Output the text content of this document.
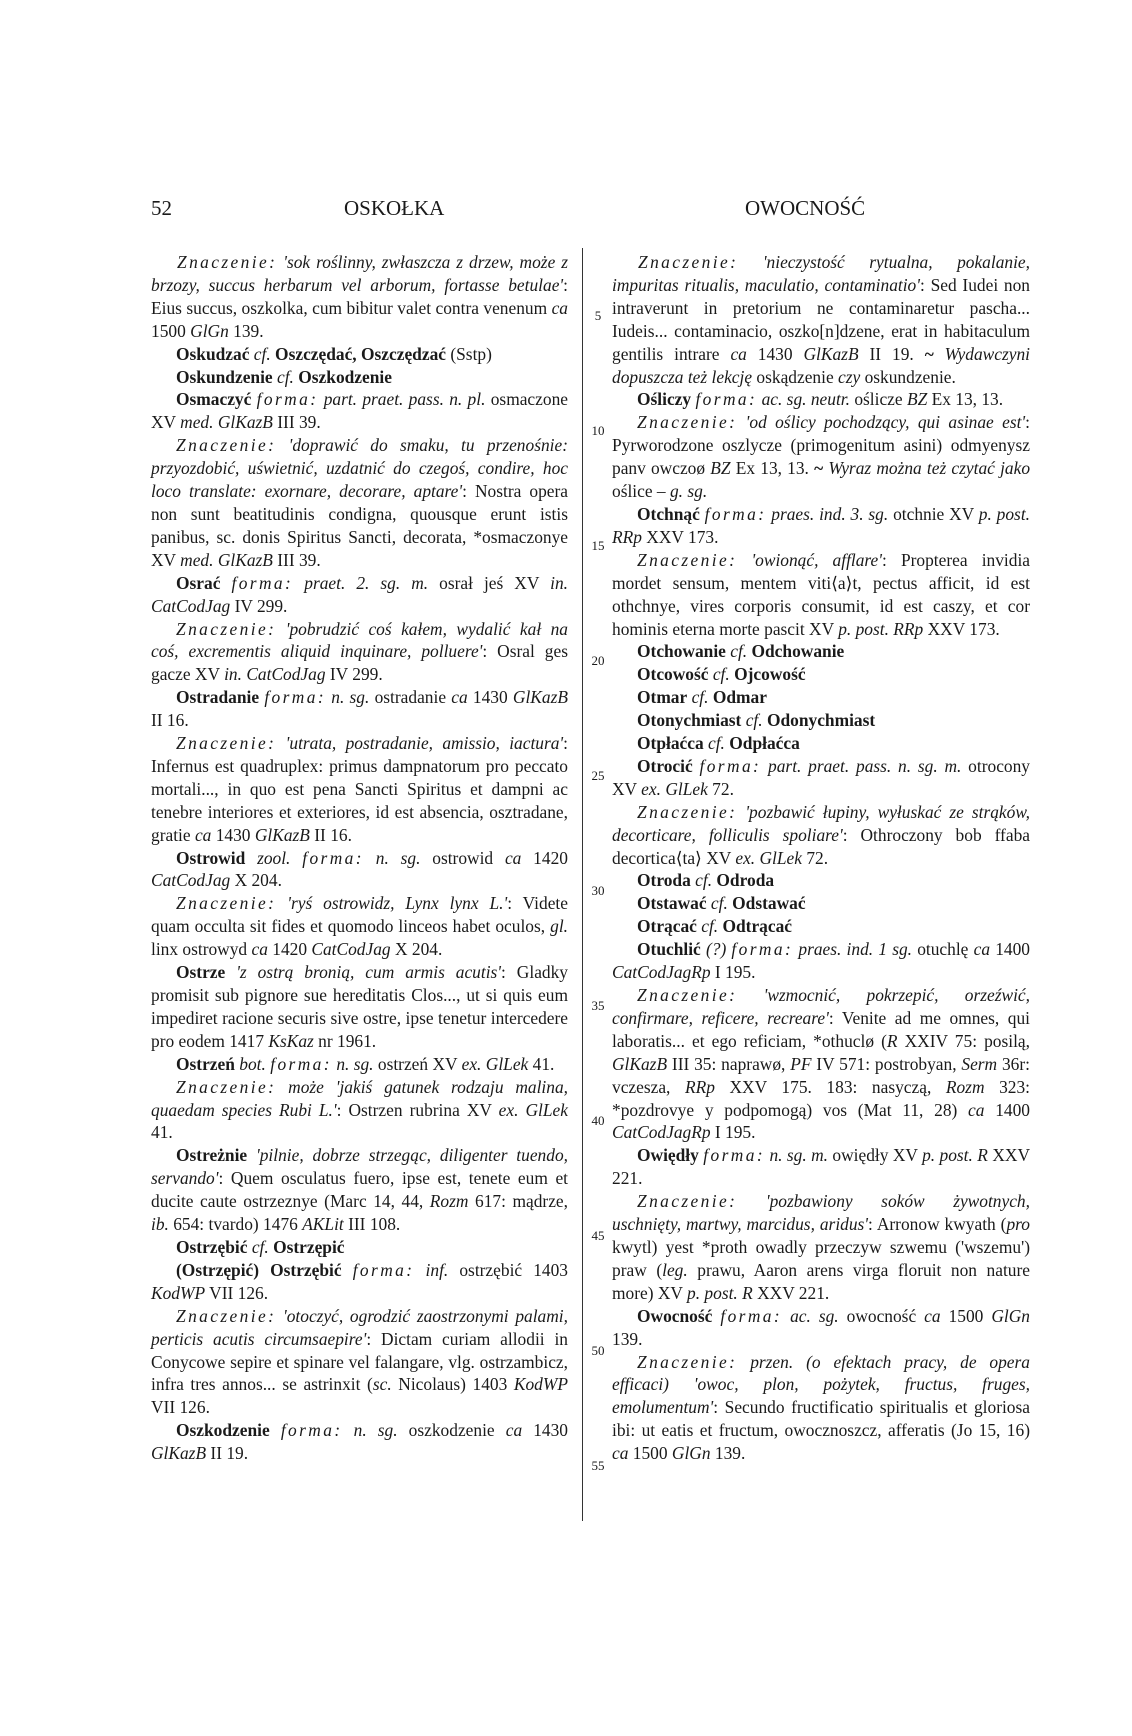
52	OSKOŁKA	OWOCNOŚĆ
5
10
15
20
25
30
35
40
45
50
55

Znaczenie: 'sok roślinny, zwłaszcza z drzew, może z brzozy, succus herbarum vel arborum, fortasse betulae': Eius succus, oszkolka, cum bibitur valet contra venenum ca 1500 GlGn 139.

Oskudzać cf. Oszczędać, Oszczędzać (Sstp)

Oskundzenie cf. Oszkodzenie

Osmaczyć forma: part. praet. pass. n. pl. osmaczone XV med. GlKazB III 39.

Znaczenie: 'doprawić do smaku, tu przenośnie: przyozdobić, uświetnić, uzdatnić do czegoś, condire, hoc loco translate: exornare, decorare, aptare': Nostra opera non sunt beatitudinis condigna, quousque erunt istis panibus, sc. donis Spiritus Sancti, decorata, *osmaczonye XV med. GlKazB III 39.

Osrać forma: praet. 2. sg. m. osrał jeś XV in. CatCodJag IV 299.

Znaczenie: 'pobrudzić coś kałem, wydalić kał na coś, excrementis aliquid inquinare, polluere': Osral ges gacze XV in. CatCodJag IV 299.

Ostradanie forma: n. sg. ostradanie ca 1430 GlKazB II 16.

Znaczenie: 'utrata, postradanie, amissio, iactura': Infernus est quadruplex: primus dampnatorum pro peccato mortali..., in quo est pena Sancti Spiritus et dampni ac tenebre interiores et exteriores, id est absencia, osztradane, gratie ca 1430 GlKazB II 16.

Ostrowid zool. forma: n. sg. ostrowid ca 1420 CatCodJag X 204.

Znaczenie: 'ryś ostrowidz, Lynx lynx L.': Videte quam occulta sit fides et quomodo linceos habet oculos, gl. linx ostrowyd ca 1420 CatCodJag X 204.

Ostrze 'z ostrą bronią, cum armis acutis': Gladky promisit sub pignore sue hereditatis Clos..., ut si quis eum impediret racione securis sive ostre, ipse tenetur intercedere pro eodem 1417 KsKaz nr 1961.

Ostrzeń bot. forma: n. sg. ostrzeń XV ex. GlLek 41.

Znaczenie: może 'jakiś gatunek rodzaju malina, quaedam species Rubi L.': Ostrzen rubrina XV ex. GlLek 41.

Ostreżnie 'pilnie, dobrze strzegąc, diligenter tuendo, servando': Quem osculatus fuero, ipse est, tenete eum et ducite caute ostrzeznye (Marc 14, 44, Rozm 617: mądrze, ib. 654: tvardo) 1476 AKLit III 108.

Ostrzębić cf. Ostrzępić

(Ostrzępić) Ostrzębić forma: inf. ostrzębić 1403 KodWP VII 126.

Znaczenie: 'otoczyć, ogrodzić zaostrzonymi palami, perticis acutis circumsaepire': Dictam curiam allodii in Conycowe sepire et spinare vel falangare, vlg. ostrzambicz, infra tres annos... se astrinxit (sc. Nicolaus) 1403 KodWP VII 126.

Oszkodzenie forma: n. sg. oszkodzenie ca 1430 GlKazB II 19.

Znaczenie: 'nieczystość rytualna, pokalanie, impuritas ritualis, maculatio, contaminatio': Sed Iudei non intraverunt in pretorium ne contaminaretur pascha... Iudeis... contaminacio, oszko[n]dzene, erat in habitaculum gentilis intrare ca 1430 GlKazB II 19. ~ Wydawczyni dopuszcza też lekcję oskądzenie czy oskundzenie.

Ośliczy forma: ac. sg. neutr. ośliczе BZ Ex 13, 13.

Znaczenie: 'od oślicy pochodzący, qui asinae est': Pyrworodzone oszlycze (primogenitum asini) odmyenysz panv owczoø BZ Ex 13, 13. ~ Wyraz można też czytać jako oślice – g. sg.

Otchnąć forma: praes. ind. 3. sg. otchnie XV p. post. RRp XXV 173.

Znaczenie: 'owionąć, afflare': Propterea invidia mordet sensum, mentem viti⟨a⟩t, pectus afficit, id est othchnye, vires corporis consumit, id est caszy, et cor hominis eterna morte pascit XV p. post. RRp XXV 173.

Otchowanie cf. Odchowanie

Otcowość cf. Ojcowość

Otmar cf. Odmar

Otonychmiast cf. Odonychmiast

Otpłaćca cf. Odpłaćca

Otrocić forma: part. praet. pass. n. sg. m. otrocony XV ex. GlLek 72.

Znaczenie: 'pozbawić łupiny, wyłuskać ze strąków, decorticare, folliculis spoliare': Othroczony bob ffaba decortica⟨ta⟩ XV ex. GlLek 72.

Otroda cf. Odroda

Otstawać cf. Odstawać

Otrącać cf. Odtrącać

Otuchlić (?) forma: praes. ind. 1 sg. otuchlę ca 1400 CatCodJagRp I 195.

Znaczenie: 'wzmocnić, pokrzepić, orzeźwić, confirmare, reficere, recreare': Venite ad me omnes, qui laboratis... et ego reficiam, *othuclø (R XXIV 75: posilą, GlKazB III 35: naprawø, PF IV 571: postrobyan, Serm 36r: vczesza, RRp XXV 175. 183: nasyczą, Rozm 323: *pozdrovye y podpomogą) vos (Mat 11, 28) ca 1400 CatCodJagRp I 195.

Owiędły forma: n. sg. m. owiędły XV p. post. R XXV 221.

Znaczenie: 'pozbawiony soków żywotnych, uschnięty, martwy, marcidus, aridus': Arronow kwyath (pro kwytl) yest *proth owadly przeczyw szwemu ('wszemu') praw (leg. prawu, Aaron arens virga floruit non nature more) XV p. post. R XXV 221.

Owocność forma: ac. sg. owocność ca 1500 GlGn 139.

Znaczenie: przen. (o efektach pracy, de opera efficaci) 'owoc, plon, pożytek, fructus, fruges, emolumentum': Secundo fructificatio spiritualis et gloriosa ibi: ut eatis et fructum, owocznoszcz, afferatis (Jo 15, 16) ca 1500 GlGn 139.
